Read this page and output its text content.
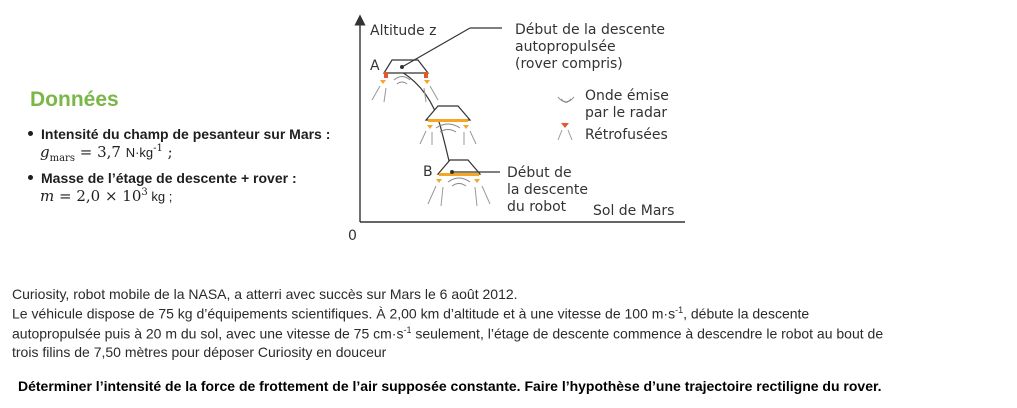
Données
Intensité du champ de pesanteur sur Mars :
$g_{mars} = 3,7$ $N\cdot kg^{-1}$ ;
Masse de l’étage de descente + rover :
$m = 2,0 \times 10^3$ kg ;
Altitude z
Sol de Mars
0
A
Début de la descente
autopropulsée
(rover compris)
B	Début de
la descente
du robot
Onde émise
par le radar
Rétrofusées
Curiosity, robot mobile de la NASA, a atterri avec succès sur Mars le 6 août 2012.
Le véhicule dispose de 75 kg d’équipements scientifiques. À 2,00 km d’altitude et à une vitesse de 100 $m\cdot s^{-1}$, débute la descente
autopropulsée puis à 20 m du sol, avec une vitesse de 75 $cm\cdot s^{-1}$ seulement, l’étage de descente commence à descendre le robot au bout de
trois filins de 7,50 mètres pour déposer Curiosity en douceur
Déterminer l’intensité de la force de frottement de l’air supposée constante. Faire l’hypothèse d’une trajectoire rectiligne du rover.
